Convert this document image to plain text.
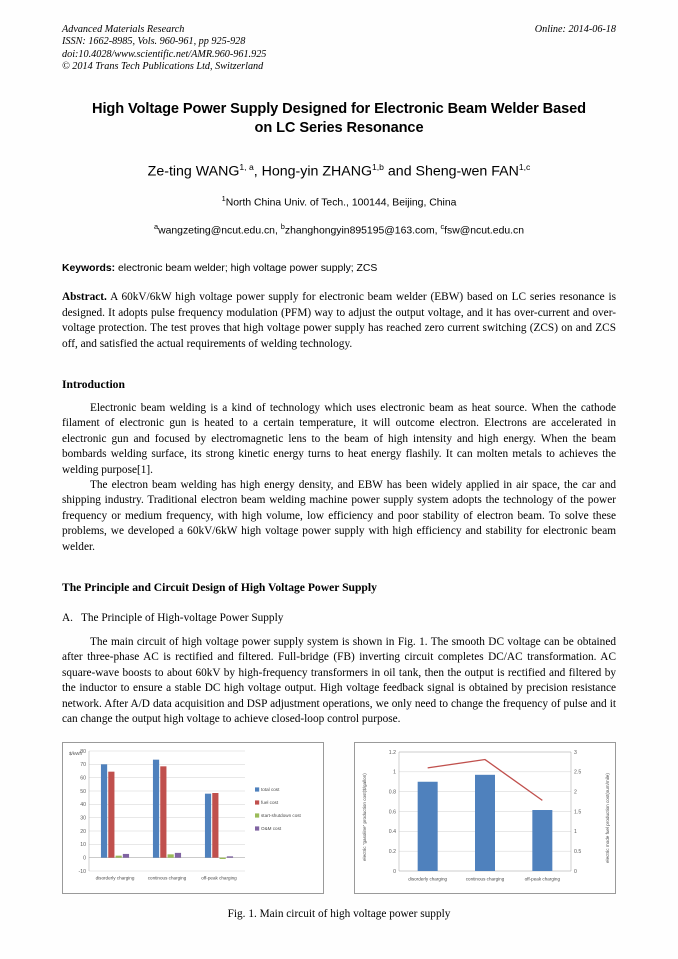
Advanced Materials Research
ISSN: 1662-8985, Vols. 960-961, pp 925-928
doi:10.4028/www.scientific.net/AMR.960-961.925
© 2014 Trans Tech Publications Ltd, Switzerland
Online: 2014-06-18
High Voltage Power Supply Designed for Electronic Beam Welder Based
on LC Series Resonance
Ze-ting WANG$^{1, a}$, Hong-yin ZHANG$^{1,b}$ and Sheng-wen FAN$^{1,c}$
$^1$North China Univ. of Tech., 100144, Beijing, China
$^a$wangzeting@ncut.edu.cn, $^b$zhanghongyin895195@163.com, $^c$fsw@ncut.edu.cn
Keywords: electronic beam welder; high voltage power supply; ZCS
Abstract. A 60kV/6kW high voltage power supply for electronic beam welder (EBW) based on LC series resonance is designed. It adopts pulse frequency modulation (PFM) way to adjust the output voltage, and it has over-current and over-voltage protection. The test proves that high voltage power supply has reached zero current switching (ZCS) on and ZCS off, and satisfied the actual requirements of welding technology.
Introduction

Electronic beam welding is a kind of technology which uses electronic beam as heat source. When the cathode filament of electronic gun is heated to a certain temperature, it will outcome electron. Electrons are accelerated in electronic gun and focused by electromagnetic lens to the beam of high intensity and high energy. When the beam bombards welding surface, its strong kinetic energy turns to heat energy flashily. It can molten metals to achieves the welding purpose[1].

The electron beam welding has high energy density, and EBW has been widely applied in air space, the car and shipping industry. Traditional electron beam welding machine power supply system adopts the technology of the power frequency or medium frequency, with high volume, low efficiency and poor stability of electron beam. To solve these problems, we developed a 60kV/6kW high voltage power supply with high efficiency and stability for electronic beam welder.

The Principle and Circuit Design of High Voltage Power Supply
A. The Principle of High-voltage Power Supply

The main circuit of high voltage power supply system is shown in Fig. 1. The smooth DC voltage can be obtained after three-phase AC is rectified and filtered. Full-bridge (FB) inverting circuit completes DC/AC transformation. AC square-wave boosts to about 60kV by high-frequency transformers in oil tank, then the output is rectified and filtered by the inductor to ensure a stable DC high voltage output. High voltage feedback signal is obtained by precision resistance network. After A/D data acquisition and DSP adjustment operations, we only need to change the frequency of pulse and it can change the output high voltage to achieve closed-loop control purpose.

-10
0
10
20
30
40
50
60
70
80
disorderly charging	continous charging	off-peak charging
$/kWh
total cost
fuel cost
start-shutdown cost
O&M cost
0
0.2
0.4
0.6
0.8
1
1.2
0
0.5
1
1.5
2
2.5
3
disorderly charging	continous charging	off-peak charging
electric "gasoline" production cost($/gallon)	electric mode fuel production cost(sum/mile)
Fig. 1. Main circuit of high voltage power supply
